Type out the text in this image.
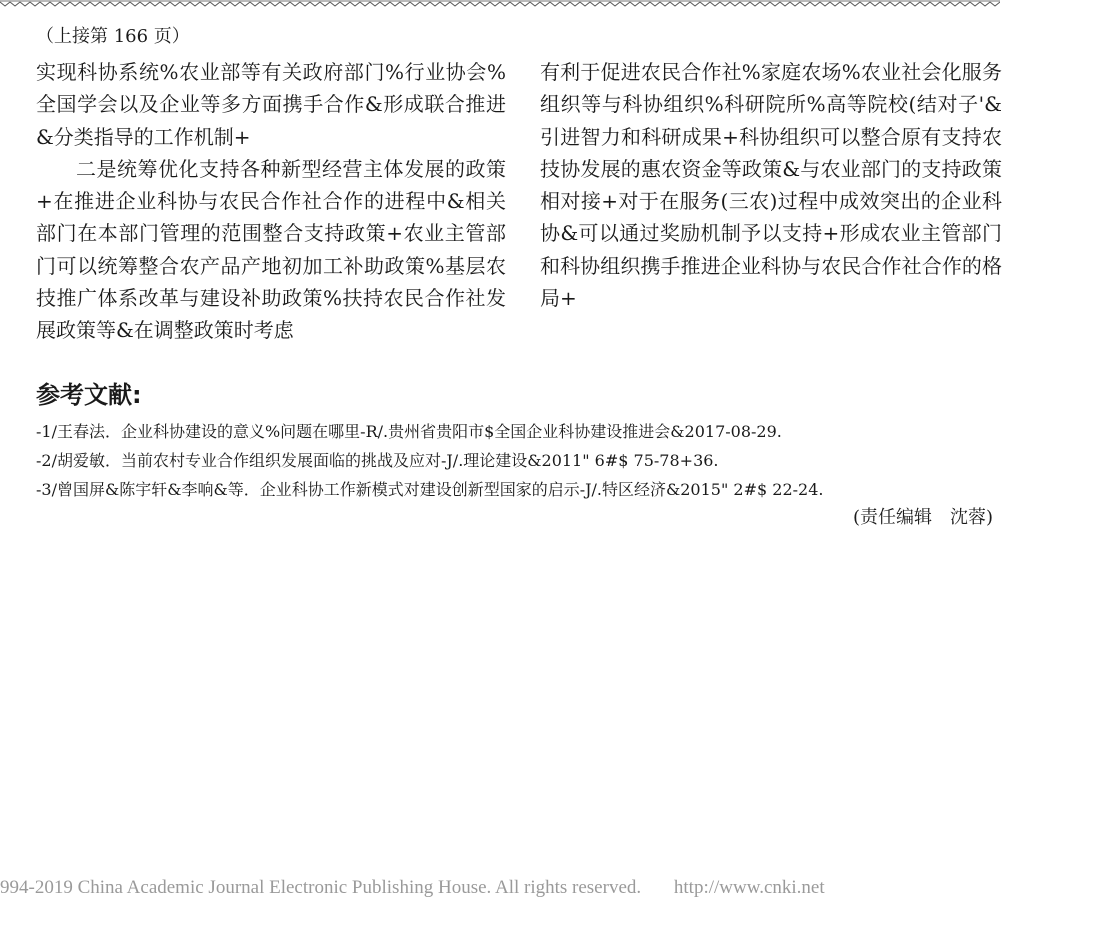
（上接第 166 页）

实现科协系统%农业部等有关政府部门%行业协会%全国学会以及企业等多方面携手合作&形成联合推进&分类指导的工作机制+

二是统筹优化支持各种新型经营主体发展的政策+在推进企业科协与农民合作社合作的进程中&相关部门在本部门管理的范围整合支持政策+农业主管部门可以统筹整合农产品产地初加工补助政策%基层农技推广体系改革与建设补助政策%扶持农民合作社发展政策等&在调整政策时考虑

有利于促进农民合作社%家庭农场%农业社会化服务组织等与科协组织%科研院所%高等院校(结对子'&引进智力和科研成果+科协组织可以整合原有支持农技协发展的惠农资金等政策&与农业部门的支持政策相对接+对于在服务(三农)过程中成效突出的企业科协&可以通过奖励机制予以支持+形成农业主管部门和科协组织携手推进企业科协与农民合作社合作的格局+

参考文献:
-1/王春法．企业科协建设的意义%问题在哪里-R/.贵州省贵阳市$全国企业科协建设推进会&2017-08-29.
-2/胡爱敏．当前农村专业合作组织发展面临的挑战及应对-J/.理论建设&2011" 6#$ 75-78+36.
-3/曾国屏&陈宇轩&李响&等．企业科协工作新模式对建设创新型国家的启示-J/.特区经济&2015" 2#$ 22-24.
(责任编辑　沈蓉)
994-2019 China Academic Journal Electronic Publishing House. All rights reserved. http://www.cnki.net
